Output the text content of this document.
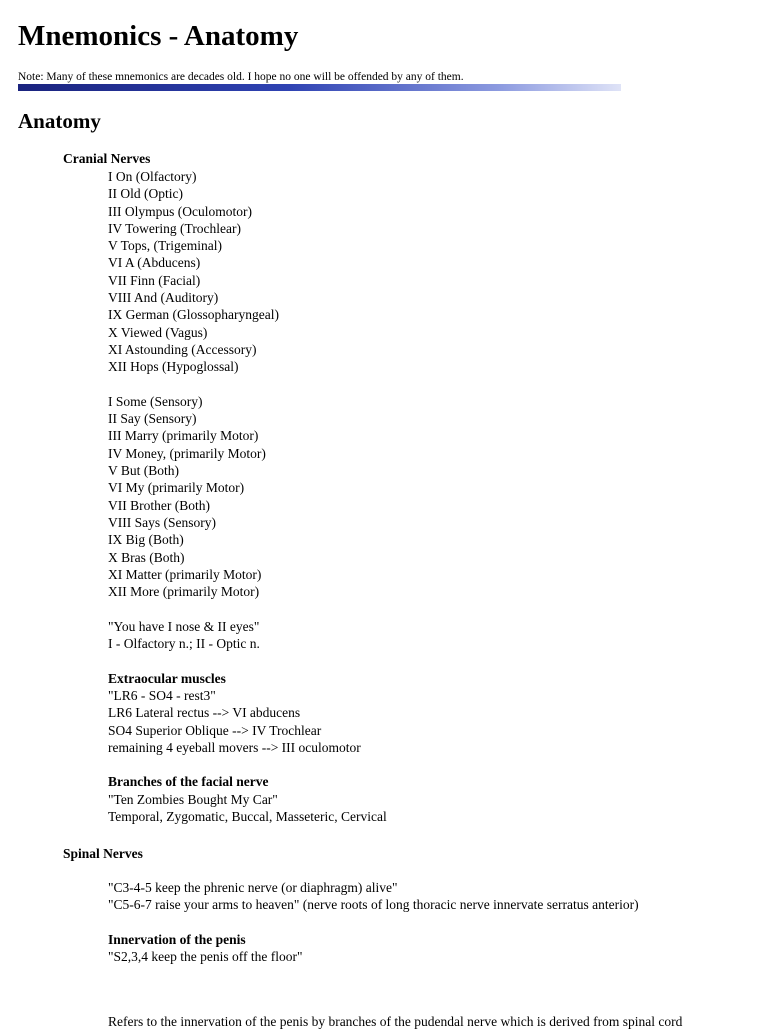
Mnemonics - Anatomy
Note: Many of these mnemonics are decades old. I hope no one will be offended by any of them.
Anatomy
Cranial Nerves
I On (Olfactory)
II Old (Optic)
III Olympus (Oculomotor)
IV Towering (Trochlear)
V Tops, (Trigeminal)
VI A (Abducens)
VII Finn (Facial)
VIII And (Auditory)
IX German (Glossopharyngeal)
X Viewed (Vagus)
XI Astounding (Accessory)
XII Hops (Hypoglossal)
I Some (Sensory)
II Say (Sensory)
III Marry (primarily Motor)
IV Money, (primarily Motor)
V But (Both)
VI My (primarily Motor)
VII Brother (Both)
VIII Says (Sensory)
IX Big (Both)
X Bras (Both)
XI Matter (primarily Motor)
XII More (primarily Motor)
"You have I nose & II eyes"
I - Olfactory n.; II - Optic n.
Extraocular muscles
"LR6 - SO4 - rest3"
LR6 Lateral rectus --> VI abducens
SO4 Superior Oblique --> IV Trochlear
remaining 4 eyeball movers --> III oculomotor
Branches of the facial nerve
"Ten Zombies Bought My Car"
Temporal, Zygomatic, Buccal, Masseteric, Cervical
Spinal Nerves
"C3-4-5 keep the phrenic nerve (or diaphragm) alive"
"C5-6-7 raise your arms to heaven" (nerve roots of long thoracic nerve innervate serratus anterior)
Innervation of the penis
"S2,3,4 keep the penis off the floor"
Refers to the innervation of the penis by branches of the pudendal nerve which is derived from spinal cord
